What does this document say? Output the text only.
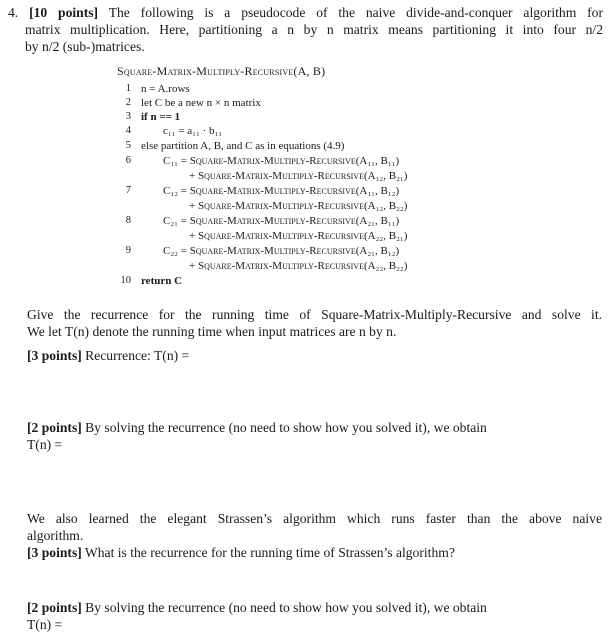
4. [10 points] The following is a pseudocode of the naive divide-and-conquer algorithm for
matrix multiplication. Here, partitioning a n by n matrix means partitioning it into four n/2
by n/2 (sub-)matrices.
Square-Matrix-Multiply-Recursive(A, B)
1 n = A.rows
2 let C be a new n × n matrix
3 if n == 1
4	c₁₁ = a₁₁ · b₁₁
5 else partition A, B, and C as in equations (4.9)
6	C₁₁ = Square-Matrix-Multiply-Recursive(A₁₁, B₁₁)
+ Square-Matrix-Multiply-Recursive(A₁₂, B₂₁)
7	C₁₂ = Square-Matrix-Multiply-Recursive(A₁₁, B₁₂)
+ Square-Matrix-Multiply-Recursive(A₁₂, B₂₂)
8	C₂₁ = Square-Matrix-Multiply-Recursive(A₂₁, B₁₁)
+ Square-Matrix-Multiply-Recursive(A₂₂, B₂₁)
9	C₂₂ = Square-Matrix-Multiply-Recursive(A₂₁, B₁₂)
+ Square-Matrix-Multiply-Recursive(A₂₂, B₂₂)
10 return C
Give the recurrence for the running time of Square-Matrix-Multiply-Recursive and solve it.
We let T(n) denote the running time when input matrices are n by n.
[3 points] Recurrence: T(n) =
[2 points] By solving the recurrence (no need to show how you solved it), we obtain
T(n) =
We also learned the elegant Strassen’s algorithm which runs faster than the above naive
algorithm.
[3 points] What is the recurrence for the running time of Strassen’s algorithm?
[2 points] By solving the recurrence (no need to show how you solved it), we obtain
T(n) =
